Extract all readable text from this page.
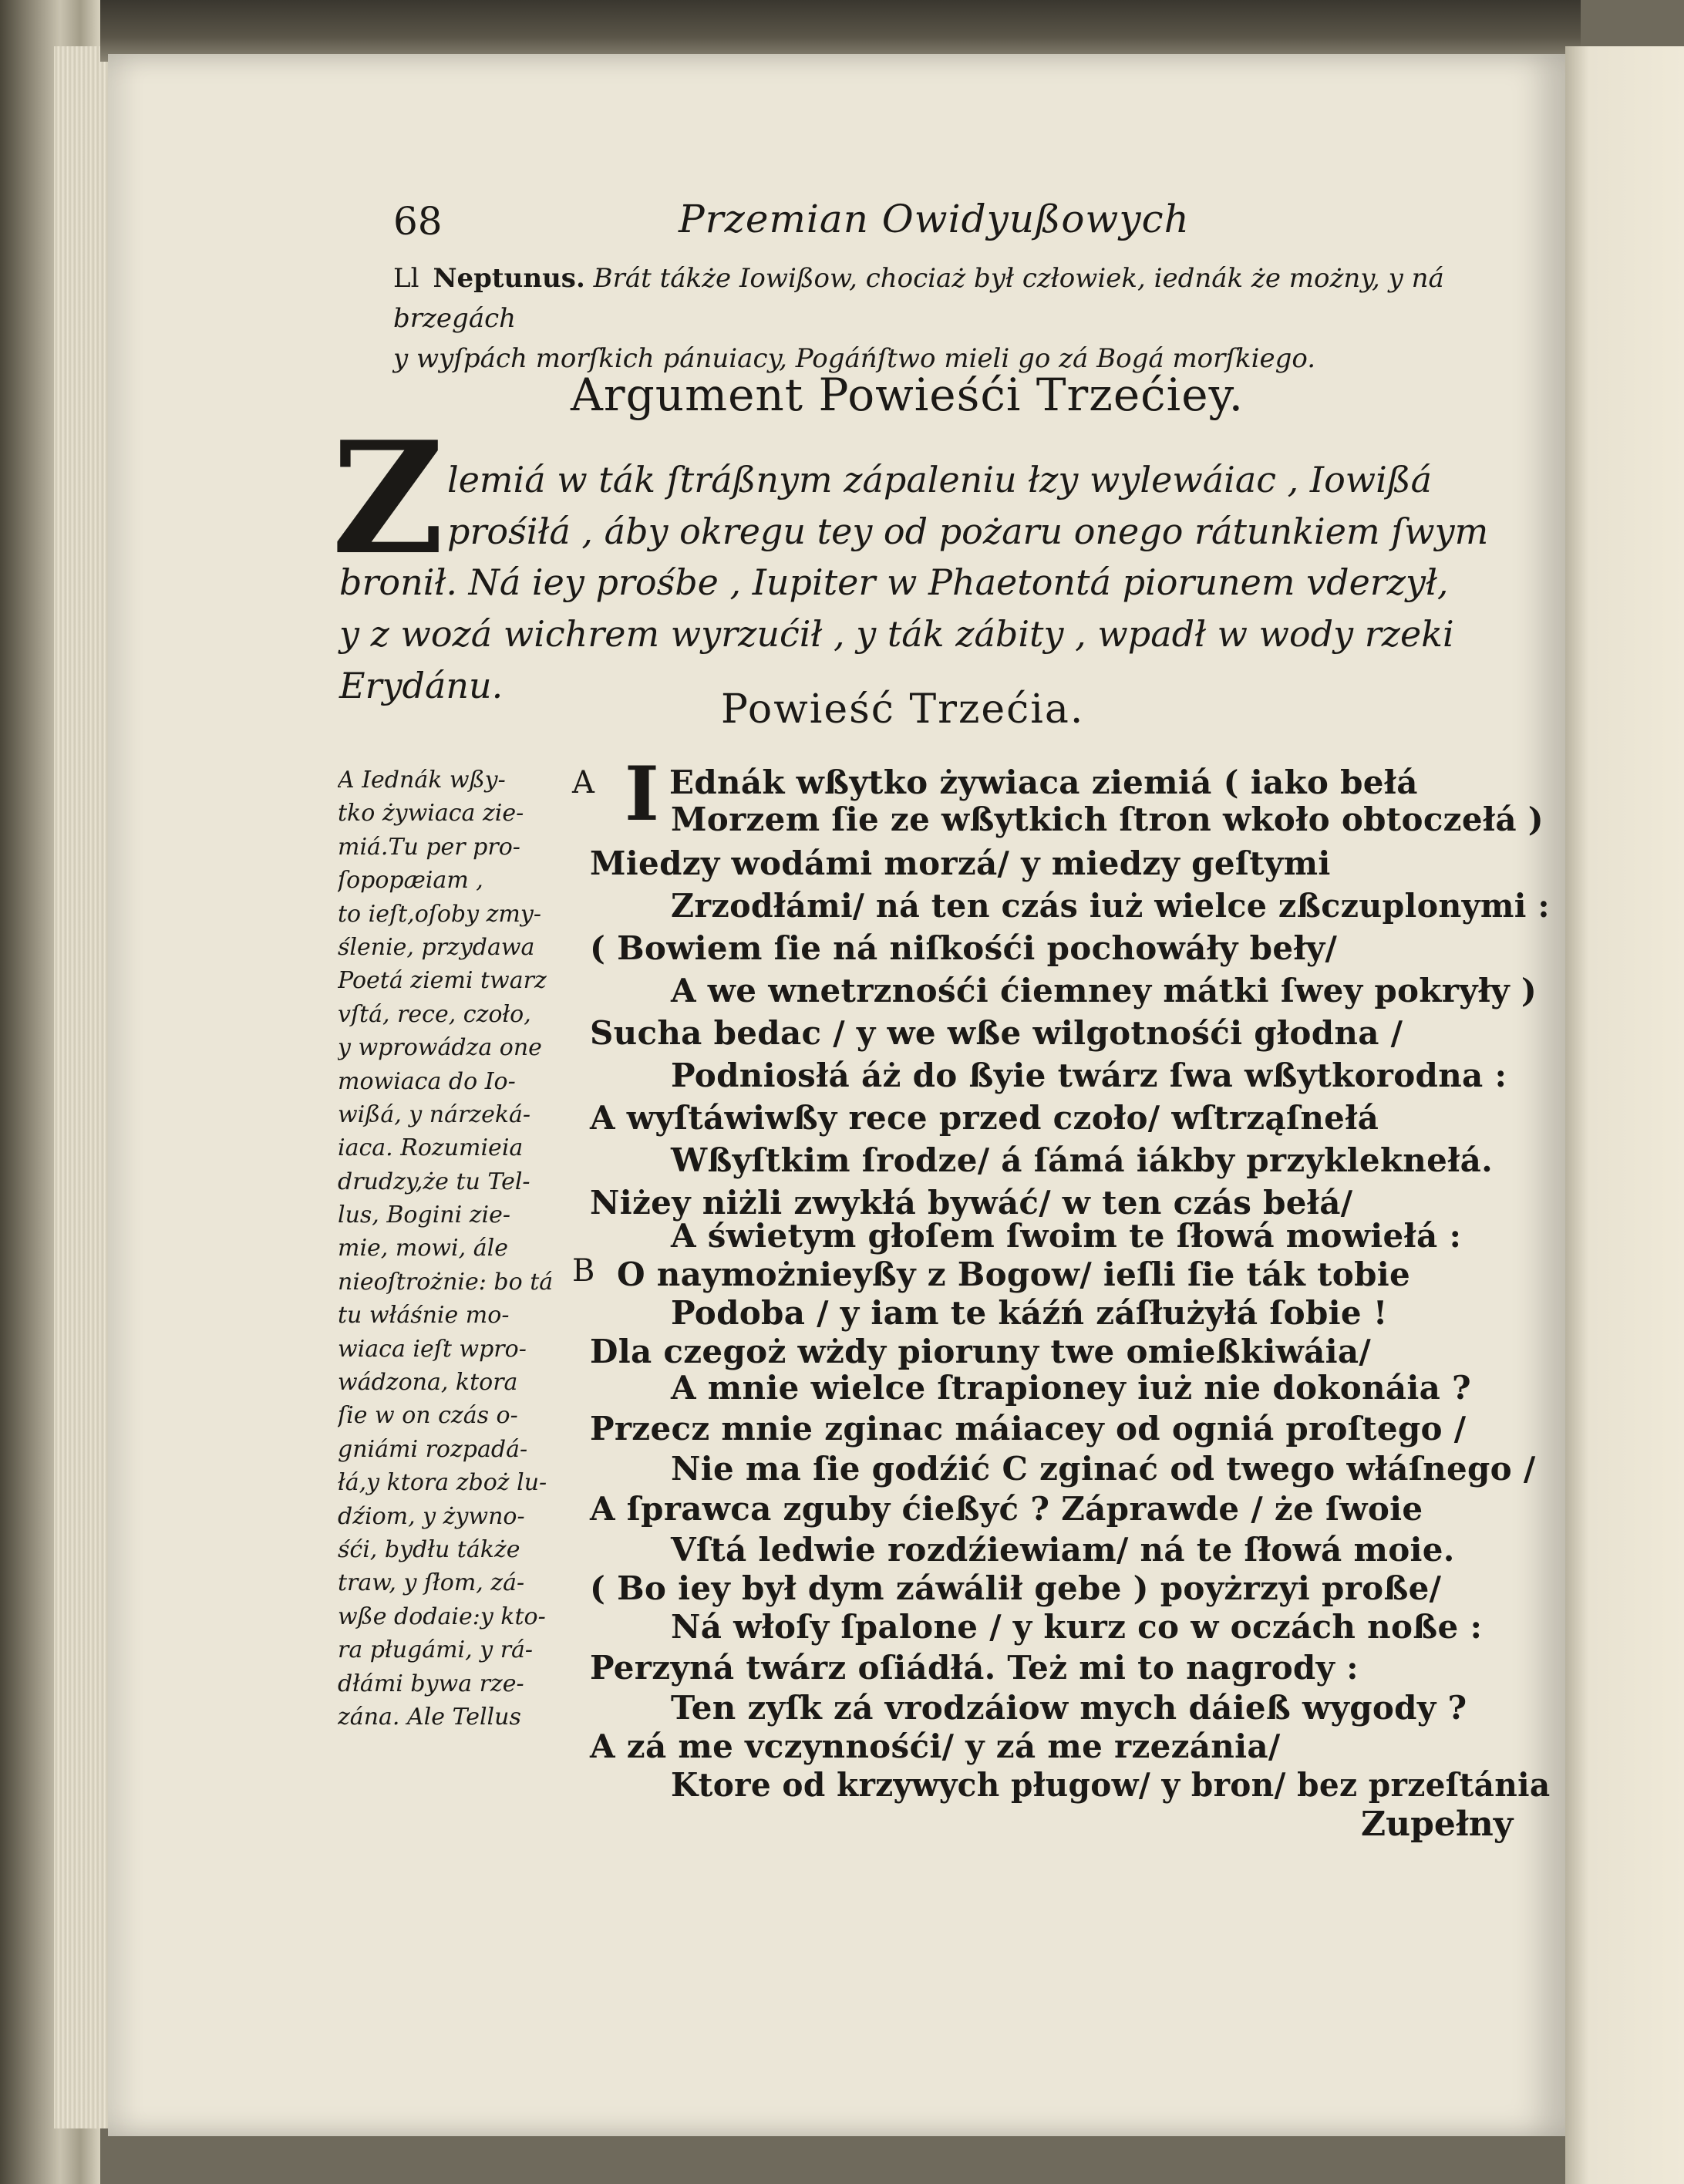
68	Przemian Owidyußowych
Ll Neptunus. Brát tákże Iowißow, chociaż był człowiek, iednák że możny, y ná brzegách
y wyſpách morſkich pánuiacy, Pogáńſtwo mieli go zá Bogá morſkiego.
Argument Powieśći Trzećiey.
Z lemiá w ták ſtráßnym zápaleniu łzy wylewáiac , Iowißá
prośiłá , áby okregu tey od pożaru onego rátunkiem ſwym
bronił. Ná iey prośbe , Iupiter w Phaetontá piorunem vderzył,
y z wozá wichrem wyrzućił , y ták zábity , wpadł w wody rzeki
Erydánu.
Powieść Trzećia.
A Iednák wßy-
tko żywiaca zie-
miá.Tu per pro-
ſopopæiam ,
to ieſt,oſoby zmy-
ślenie, przydawa
Poetá ziemi twarz
vſtá, rece, czoło,
y wprowádza one
mowiaca do Io-
wißá, y nárzeká-
iaca. Rozumieia
drudzy,że tu Tel-
lus, Bogini zie-
mie, mowi, ále
nieoſtrożnie: bo tá
tu włáśnie mo-
wiaca ieſt wpro-
wádzona, ktora
ſie w on czás o-
gniámi rozpadá-
łá,y ktora zboż lu-
dźiom, y żywno-
śći, bydłu tákże
traw, y ſłom, zá-
wße dodaie:y kto-
ra pługámi, y rá-
dłámi bywa rze-
zána. Ale Tellus
A
B
I Ednák wßytko żywiaca ziemiá ( iako bełá
Morzem ſie ze wßytkich ſtron wkoło obtoczełá )
Miedzy wodámi morzá/ y miedzy geſtymi
Zrzodłámi/ ná ten czás iuż wielce zßczuplonymi :
( Bowiem ſie ná niſkośći pochowáły beły/
A we wnetrznośći ćiemney mátki ſwey pokryły )
Sucha bedac / y we wße wilgotnośći głodna /
Podniosłá áż do ßyie twárz ſwa wßytkorodna :
A wyſtáwiwßy rece przed czoło/ wſtrząſnełá
Wßyſtkim ſrodze/ á ſámá iákby przykleknełá.
Niżey niżli zwykłá bywáć/ w ten czás bełá/
A świetym głoſem ſwoim te ſłowá mowiełá :
O naymożnieyßy z Bogow/ ieſli ſie ták tobie
Podoba / y iam te káźń záſłużyłá ſobie !
Dla czegoż wżdy pioruny twe omießkiwáia/
A mnie wielce ſtrapioney iuż nie dokonáia ?
Przecz mnie zginac máiacey od ogniá proſtego /
Nie ma ſie godźić C zginać od twego włáſnego /
A ſprawca zguby ćießyć ? Záprawde / że ſwoie
Vſtá ledwie rozdźiewiam/ ná te ſłowá moie.
( Bo iey był dym záwálił gebe ) poyżrzyi proße/
Ná włoſy ſpalone / y kurz co w oczách noße :
Perzyná twárz oſiádłá. Też mi to nagrody :
Ten zyſk zá vrodzáiow mych dáieß wygody ?
A zá me vczynnośći/ y zá me rzezánia/
Ktore od krzywych pługow/ y bron/ bez przeſtánia
Zupełny
